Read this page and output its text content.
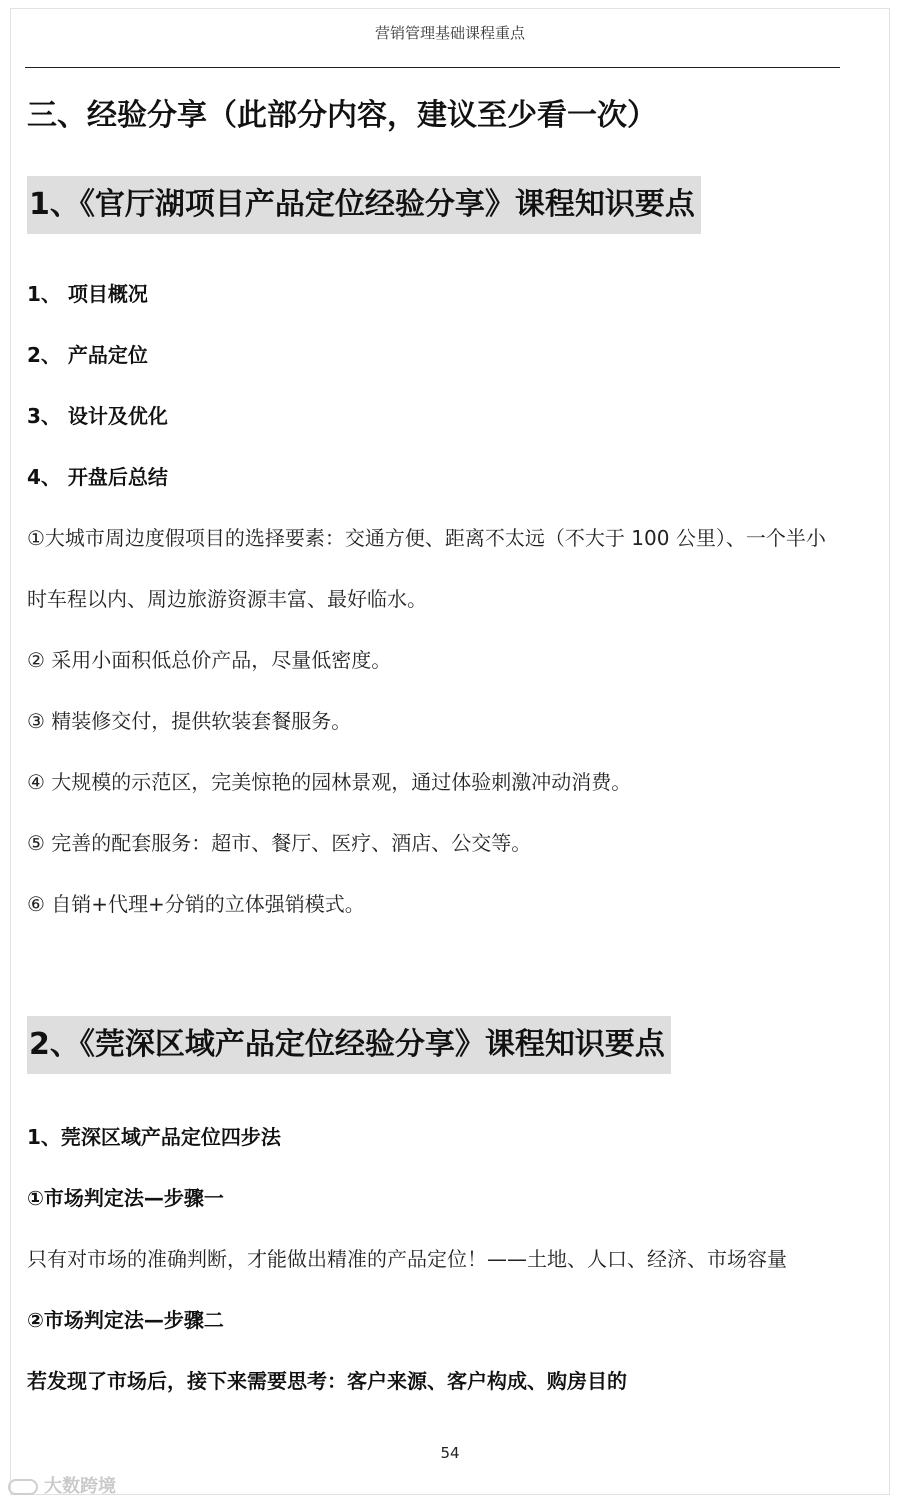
营销管理基础课程重点
三、经验分享（此部分内容，建议至少看一次）
1、《官厅湖项目产品定位经验分享》课程知识要点
1、 项目概况
2、 产品定位
3、 设计及优化
4、 开盘后总结
①大城市周边度假项目的选择要素：交通方便、距离不太远（不大于 100 公里）、一个半小
时车程以内、周边旅游资源丰富、最好临水。
② 采用小面积低总价产品，尽量低密度。
③ 精装修交付，提供软装套餐服务。
④ 大规模的示范区，完美惊艳的园林景观，通过体验刺激冲动消费。
⑤ 完善的配套服务：超市、餐厅、医疗、酒店、公交等。
⑥ 自销+代理+分销的立体强销模式。
2、《莞深区域产品定位经验分享》课程知识要点
1、莞深区域产品定位四步法
①市场判定法—步骤一
只有对市场的准确判断，才能做出精准的产品定位！——土地、人口、经济、市场容量
②市场判定法—步骤二
若发现了市场后，接下来需要思考：客户来源、客户构成、购房目的
54
大数跨境
